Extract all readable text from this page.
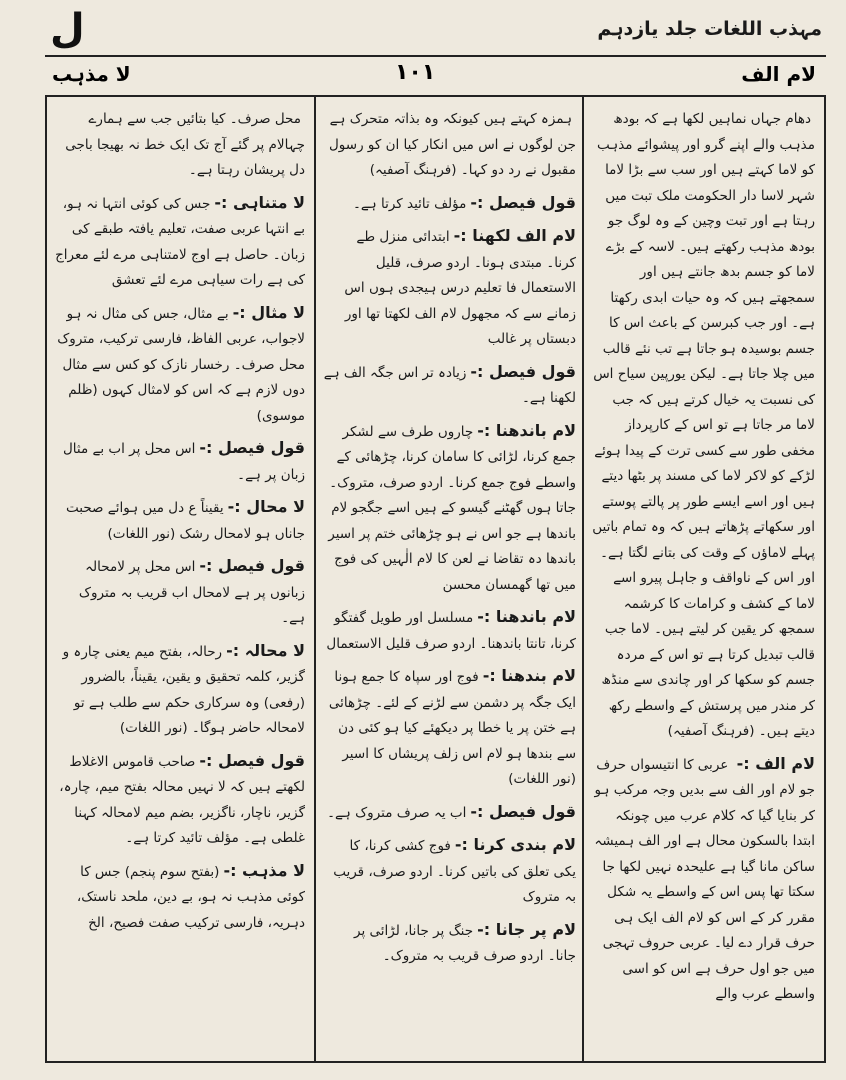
مہذب اللغات جلد یازدہم
ل
لام الف
١٠١
لا مذہب

دھام جہاں نماہیں لکھا ہے کہ بودھ مذہب والے اپنے گرو اور پیشوائے مذہب کو لاما کہتے ہیں اور سب سے بڑا لاما شہر لاسا دار الحکومت ملک تبت میں رہتا ہے اور تبت وچین کے وہ لوگ جو بودھ مذہب رکھتے ہیں۔ لاسہ کے بڑے لاما کو جسم بدھ جانتے ہیں اور سمجھتے ہیں کہ وہ حیات ابدی رکھتا ہے۔ اور جب کبرسن کے باعث اس کا جسم بوسیدہ ہو جاتا ہے تب نئے قالب میں چلا جاتا ہے۔ لیکن یورپین سیاح اس کی نسبت یہ خیال کرتے ہیں کہ جب لاما مر جاتا ہے تو اس کے کارپرداز مخفی طور سے کسی ترت کے پیدا ہوئے لڑکے کو لاکر لاما کی مسند پر بٹھا دیتے ہیں اور اسے ایسے طور پر پالتے پوستے اور سکھاتے پڑھاتے ہیں کہ وہ تمام باتیں پہلے لاماؤں کے وقت کی بتانے لگتا ہے۔ اور اس کے ناواقف و جاہل پیرو اسے لاما کے کشف و کرامات کا کرشمہ سمجھ کر یقین کر لیتے ہیں۔ لاما جب قالب تبدیل کرتا ہے تو اس کے مردہ جسم کو سکھا کر اور چاندی سے منڈھ کر مندر میں پرستش کے واسطے رکھ دیتے ہیں۔ (فرہنگ آصفیہ)

لام الف :- عربی کا انتیسواں حرف جو لام اور الف سے بدیں وجہ مرکب ہو کر بنایا گیا کہ کلام عرب میں چونکہ ابتدا بالسکون محال ہے اور الف ہمیشہ ساکن مانا گیا ہے علیحدہ نہیں لکھا جا سکتا تھا پس اس کے واسطے یہ شکل مقرر کر کے اس کو لام الف ایک ہی حرف قرار دے لیا۔ عربی حروف تہجی میں جو اول حرف ہے اس کو اسی واسطے عرب والے

ہمزہ کہتے ہیں کیونکہ وہ بذاتہ متحرک ہے جن لوگوں نے اس میں انکار کیا ان کو رسول مقبول نے رد دو کہا۔ (فرہنگ آصفیہ)

قول فیصل :-مؤلف تائید کرتا ہے۔

لام الف لکھنا :-ابتدائی منزل طے کرنا۔ مبتدی ہونا۔ اردو صرف، قلیل الاستعمال فا تعلیم درس ہیجدی ہوں اس زمانے سے کہ مجھول لام الف لکھتا تھا اور دبستاں پر غالب

قول فیصل :-زیادہ تر اس جگہ الف ہے لکھنا ہے۔

لام باندھنا :-چاروں طرف سے لشکر جمع کرنا، لڑائی کا سامان کرنا، چڑھائی کے واسطے فوج جمع کرنا۔ اردو صرف، متروک۔ جاتا ہوں گھٹنے گیسو کے ہیں اسے جگجو لام باندھا ہے جو اس نے ہو چڑھائی ختم پر اسیر باندھا دہ تقاضا نے لعن کا لام الٰہیں کی فوج میں تھا گھمسان محسن

لام باندھنا :-مسلسل اور طویل گفتگو کرنا، تانتا باندھنا۔ اردو صرف قلیل الاستعمال

لام بندھنا :-فوج اور سپاہ کا جمع ہونا ایک جگہ پر دشمن سے لڑنے کے لئے۔ چڑھائی ہے ختن پر یا خطا پر دیکھئے کیا ہو کئی دن سے بندھا ہو لام اس زلف پریشاں کا اسیر (نور اللغات)

قول فیصل :-اب یہ صرف متروک ہے۔

لام بندی کرنا :-فوج کشی کرنا، کا یکی تعلق کی باتیں کرنا۔ اردو صرف، قریب بہ متروک

لام پر جانا :-جنگ پر جانا، لڑائی پر جانا۔ اردو صرف قریب بہ متروک۔

محل صرف۔ کیا بتائیں جب سے ہمارے چہالام پر گئے آج تک ایک خط نہ بھیجا باجی دل پریشان رہتا ہے۔

لا متناہی :-جس کی کوئی انتہا نہ ہو، بے انتہا عربی صفت، تعلیم یافتہ طبقے کی زبان۔ حاصل ہے اوج لامتناہی مرے لئے معراج کی ہے رات سیاہی مرے لئے تعشق

لا مثال :-بے مثال، جس کی مثال نہ ہو لاجواب، عربی الفاظ، فارسی ترکیب، متروک محل صرف۔ رخسار نازک کو کس سے مثال دوں لازم ہے کہ اس کو لامثال کہوں (ظلم موسوی)

قول فیصل :-اس محل پر اب بے مثال زبان پر ہے۔

لا محال :-یقیناً ع دل میں ہوائے صحبت جاناں ہو لامحال رشک (نور اللغات)

قول فیصل :-اس محل پر لامحالہ زبانوں پر ہے لامحال اب قریب بہ متروک ہے۔

لا محالہ :-رحالہ، بفتح میم یعنی چارہ و گزیر، کلمہ تحقیق و یقین، یقیناً، بالضرور (رفعی) وہ سرکاری حکم سے طلب ہے تو لامحالہ حاضر ہوگا۔ (نور اللغات)

قول فیصل :-صاحب قاموس الاغلاط لکھتے ہیں کہ لا نہیں محالہ بفتح میم، چارہ، گزیر، ناچار، ناگزیر، بضم میم لامحالہ کہنا غلطی ہے۔ مؤلف تائید کرتا ہے۔

لا مذہب :-(بفتح سوم پنجم) جس کا کوئی مذہب نہ ہو، بے دین، ملحد ناستک، دہریہ، فارسی ترکیب صفت فصیح، الخ
